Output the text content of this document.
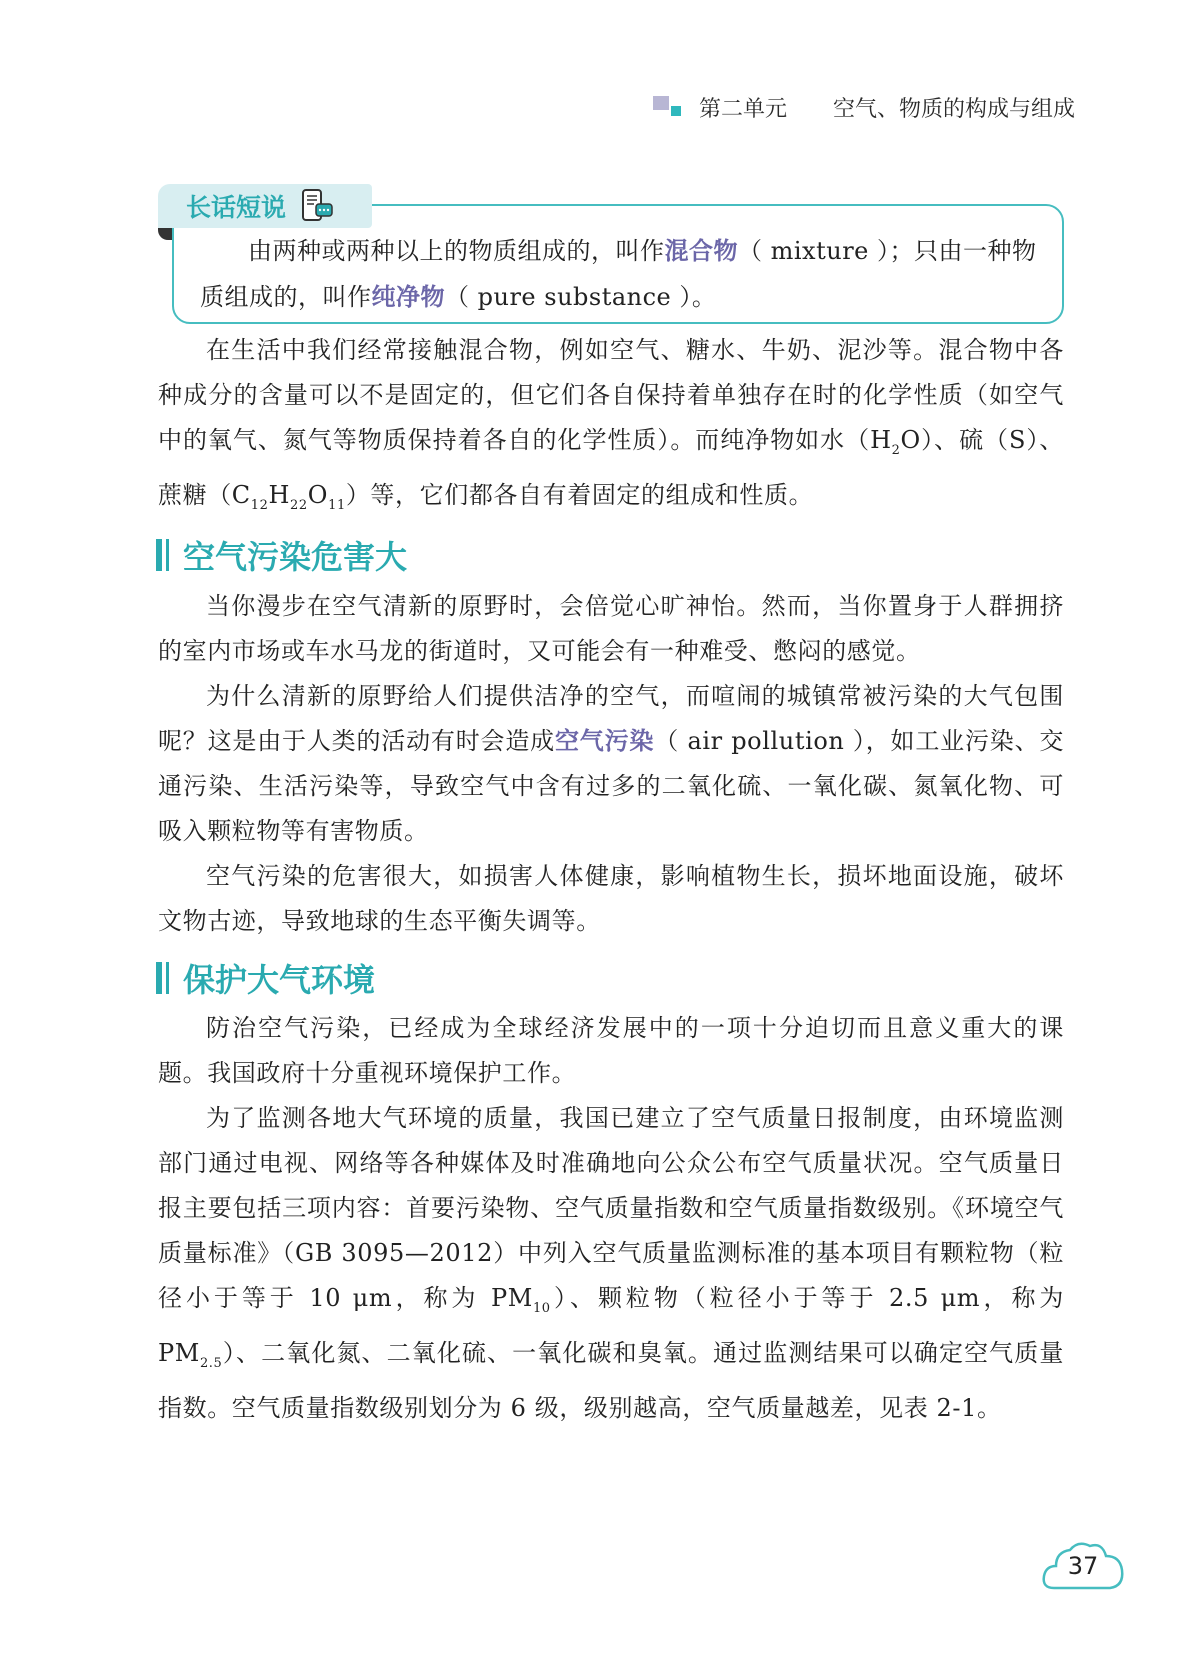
第二单元 空气、物质的构成与组成
长话短说
由两种或两种以上的物质组成的，叫作混合物（ mixture ）；只由一种物质组成的，叫作纯净物（ pure substance ）。

在生活中我们经常接触混合物，例如空气、糖水、牛奶、泥沙等。混合物中各种成分的含量可以不是固定的，但它们各自保持着单独存在时的化学性质（如空气中的氧气、氮气等物质保持着各自的化学性质）。而纯净物如水$(H_2O)$、硫（S）、蔗糖$(C_{12}H_{22}O_{11})$等，它们都各自有着固定的组成和性质。

空气污染危害大

当你漫步在空气清新的原野时，会倍觉心旷神怡。然而，当你置身于人群拥挤的室内市场或车水马龙的街道时，又可能会有一种难受、憋闷的感觉。

为什么清新的原野给人们提供洁净的空气，而喧闹的城镇常被污染的大气包围呢？这是由于人类的活动有时会造成空气污染（ air pollution ），如工业污染、交通污染、生活污染等，导致空气中含有过多的二氧化硫、一氧化碳、氮氧化物、可吸入颗粒物等有害物质。

空气污染的危害很大，如损害人体健康，影响植物生长，损坏地面设施，破坏文物古迹，导致地球的生态平衡失调等。

保护大气环境

防治空气污染，已经成为全球经济发展中的一项十分迫切而且意义重大的课题。我国政府十分重视环境保护工作。

为了监测各地大气环境的质量，我国已建立了空气质量日报制度，由环境监测部门通过电视、网络等各种媒体及时准确地向公众公布空气质量状况。空气质量日报主要包括三项内容：首要污染物、空气质量指数和空气质量指数级别。《环境空气质量标准》（GB 3095—2012）中列入空气质量监测标准的基本项目有颗粒物（粒径小于等于 10 μm，称为 $PM_{10}$）、颗粒物（粒径小于等于 2.5 μm，称为 $PM_{2.5}$）、二氧化氮、二氧化硫、一氧化碳和臭氧。通过监测结果可以确定空气质量指数。空气质量指数级别划分为 6 级，级别越高，空气质量越差，见表 2-1。

37
